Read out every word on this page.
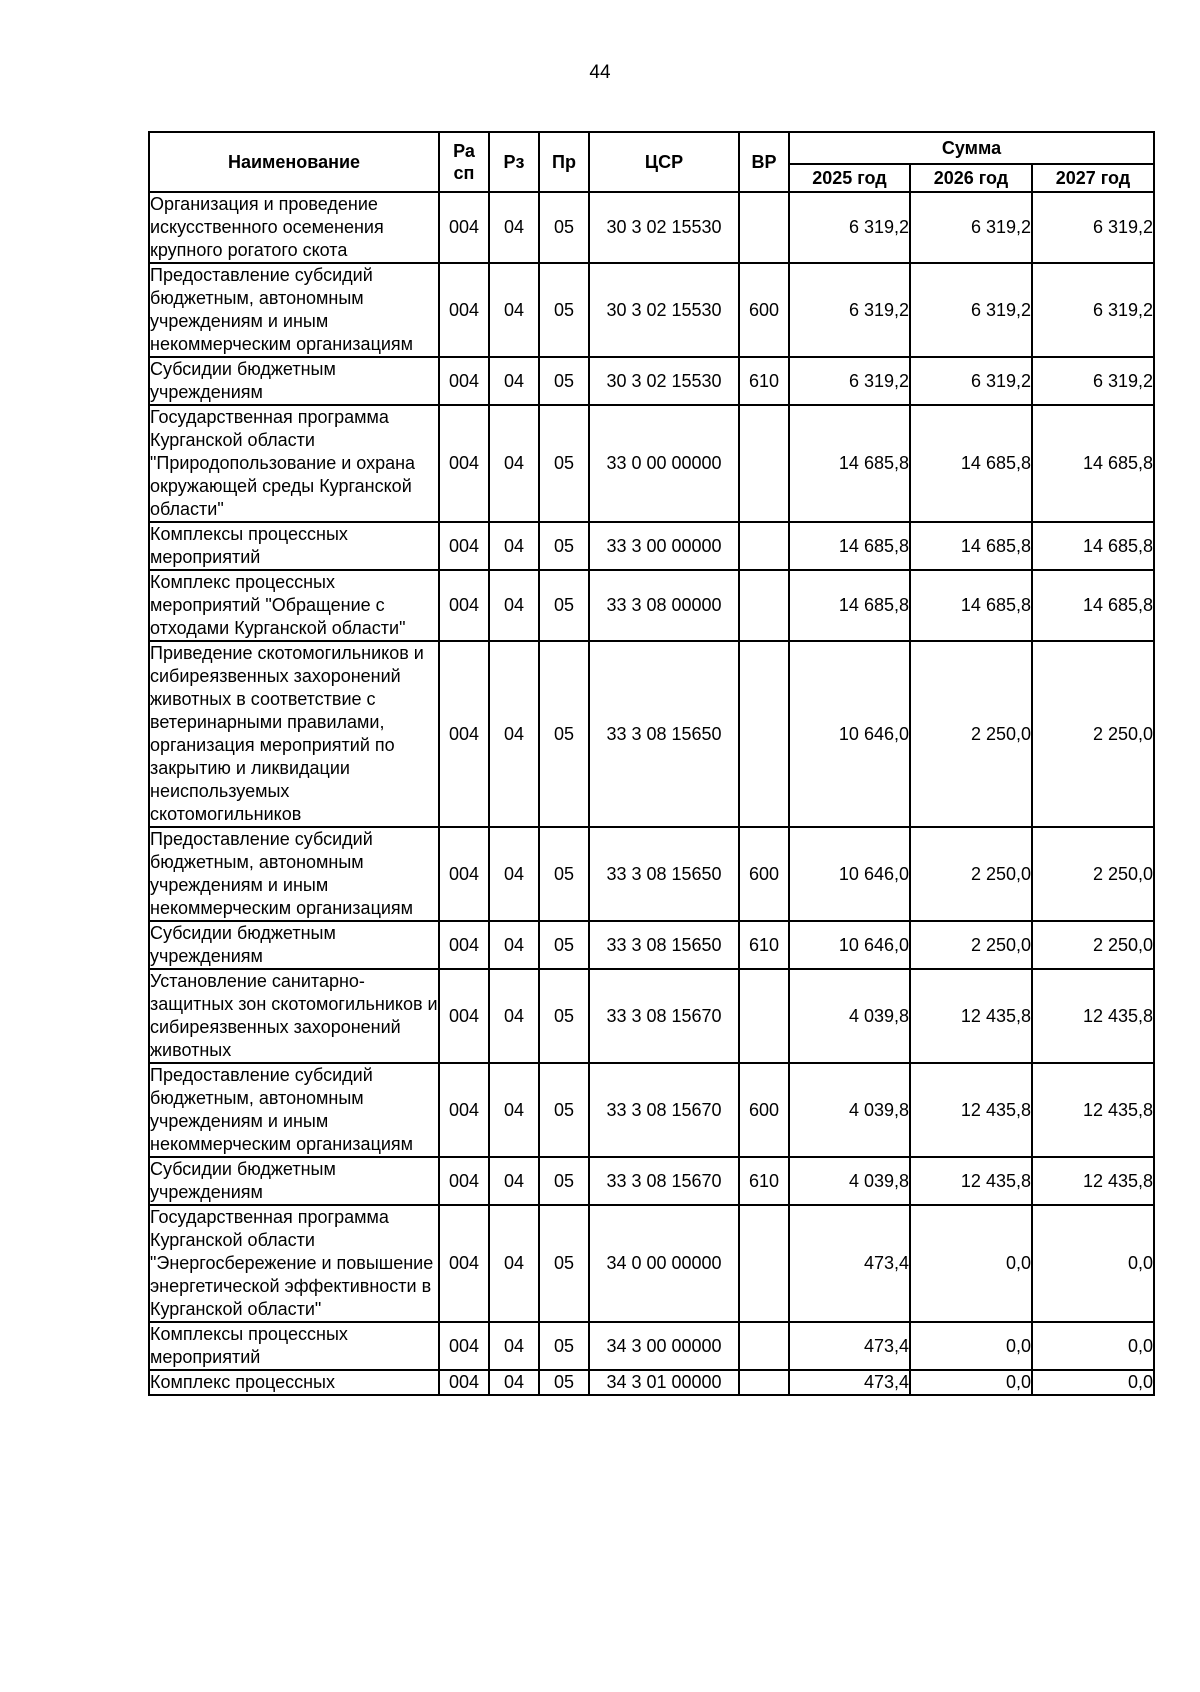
44
Наименование	Ра сп	Рз	Пр	ЦСР	ВР	Сумма		
						2025 год	2026 год	2027 год
Организация и проведение искусственного осеменения крупного рогатого скота	004	04	05	30 3 02 15530		6 319,2	6 319,2	6 319,2
Предоставление субсидий бюджетным, автономным учреждениям и иным некоммерческим организациям	004	04	05	30 3 02 15530	600	6 319,2	6 319,2	6 319,2
Субсидии бюджетным учреждениям	004	04	05	30 3 02 15530	610	6 319,2	6 319,2	6 319,2
Государственная программа Курганской области "Природопользование и охрана окружающей среды Курганской области"	004	04	05	33 0 00 00000		14 685,8	14 685,8	14 685,8
Комплексы процессных мероприятий	004	04	05	33 3 00 00000		14 685,8	14 685,8	14 685,8
Комплекс процессных мероприятий "Обращение с отходами Курганской области"	004	04	05	33 3 08 00000		14 685,8	14 685,8	14 685,8
Приведение скотомогильников и сибиреязвенных захоронений животных в соответствие с ветеринарными правилами, организация мероприятий по закрытию и ликвидации неиспользуемых скотомогильников	004	04	05	33 3 08 15650		10 646,0	2 250,0	2 250,0
Предоставление субсидий бюджетным, автономным учреждениям и иным некоммерческим организациям	004	04	05	33 3 08 15650	600	10 646,0	2 250,0	2 250,0
Субсидии бюджетным учреждениям	004	04	05	33 3 08 15650	610	10 646,0	2 250,0	2 250,0
Установление санитарно-защитных зон скотомогильников и сибиреязвенных захоронений животных	004	04	05	33 3 08 15670		4 039,8	12 435,8	12 435,8
Предоставление субсидий бюджетным, автономным учреждениям и иным некоммерческим организациям	004	04	05	33 3 08 15670	600	4 039,8	12 435,8	12 435,8
Субсидии бюджетным учреждениям	004	04	05	33 3 08 15670	610	4 039,8	12 435,8	12 435,8
Государственная программа Курганской области "Энергосбережение и повышение энергетической эффективности в Курганской области"	004	04	05	34 0 00 00000		473,4	0,0	0,0
Комплексы процессных мероприятий	004	04	05	34 3 00 00000		473,4	0,0	0,0
Комплекс процессных	004	04	05	34 3 01 00000		473,4	0,0	0,0
